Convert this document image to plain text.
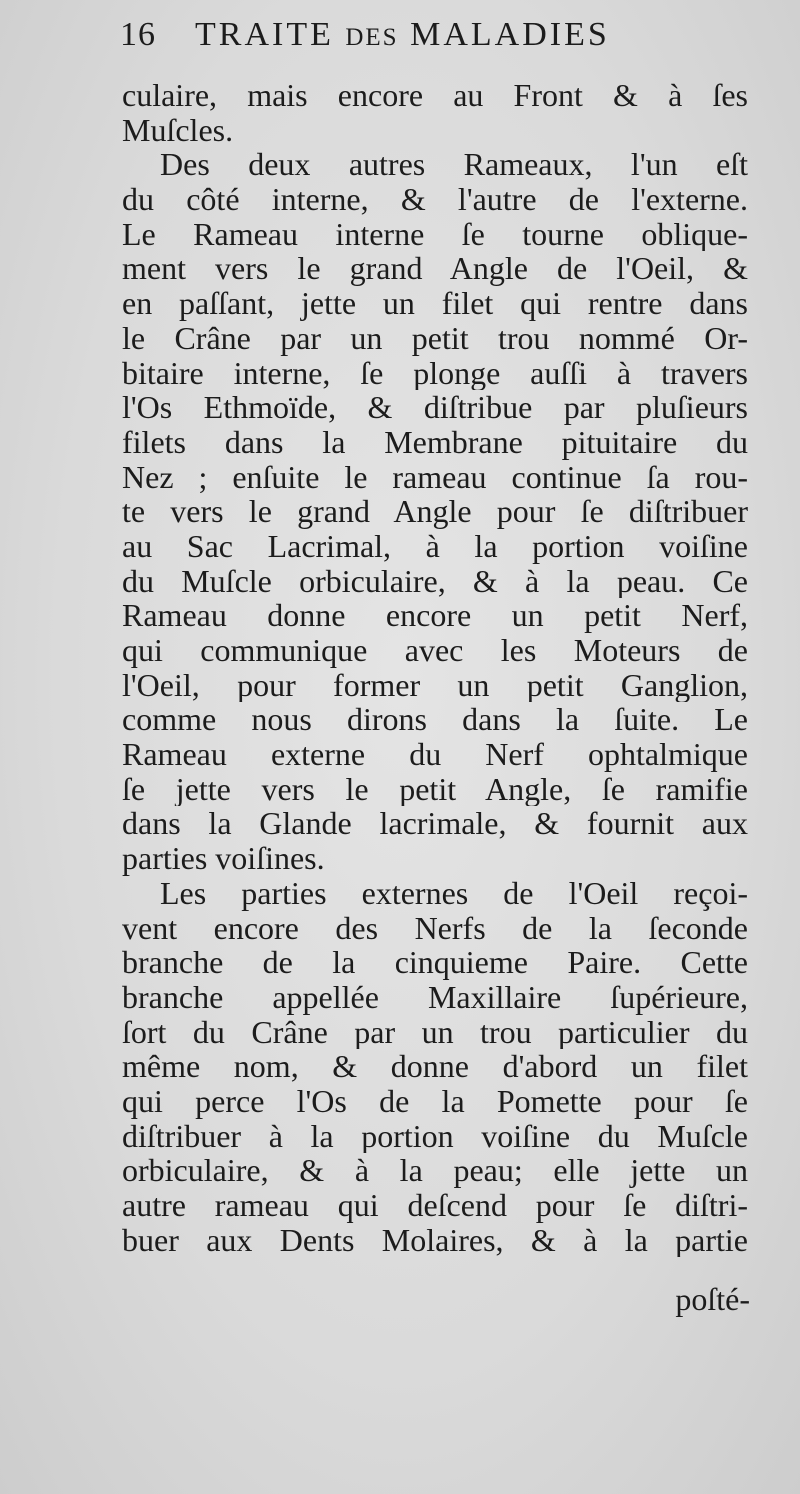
16 TRAITE DES MALADIES
culaire, mais encore au Front & à ſes
Muſcles.
Des deux autres Rameaux, l'un eſt
du côté interne, & l'autre de l'externe.
Le Rameau interne ſe tourne oblique-
ment vers le grand Angle de l'Oeil, &
en paſſant, jette un filet qui rentre dans
le Crâne par un petit trou nommé Or-
bitaire interne, ſe plonge auſſi à travers
l'Os Ethmoïde, & diſtribue par pluſieurs
filets dans la Membrane pituitaire du
Nez ; enſuite le rameau continue ſa rou-
te vers le grand Angle pour ſe diſtribuer
au Sac Lacrimal, à la portion voiſine
du Muſcle orbiculaire, & à la peau. Ce
Rameau donne encore un petit Nerf,
qui communique avec les Moteurs de
l'Oeil, pour former un petit Ganglion,
comme nous dirons dans la ſuite. Le
Rameau externe du Nerf ophtalmique
ſe jette vers le petit Angle, ſe ramifie
dans la Glande lacrimale, & fournit aux
parties voiſines.
Les parties externes de l'Oeil reçoi-
vent encore des Nerfs de la ſeconde
branche de la cinquieme Paire. Cette
branche appellée Maxillaire ſupérieure,
ſort du Crâne par un trou particulier du
même nom, & donne d'abord un filet
qui perce l'Os de la Pomette pour ſe
diſtribuer à la portion voiſine du Muſcle
orbiculaire, & à la peau; elle jette un
autre rameau qui deſcend pour ſe diſtri-
buer aux Dents Molaires, & à la partie
poſté-
